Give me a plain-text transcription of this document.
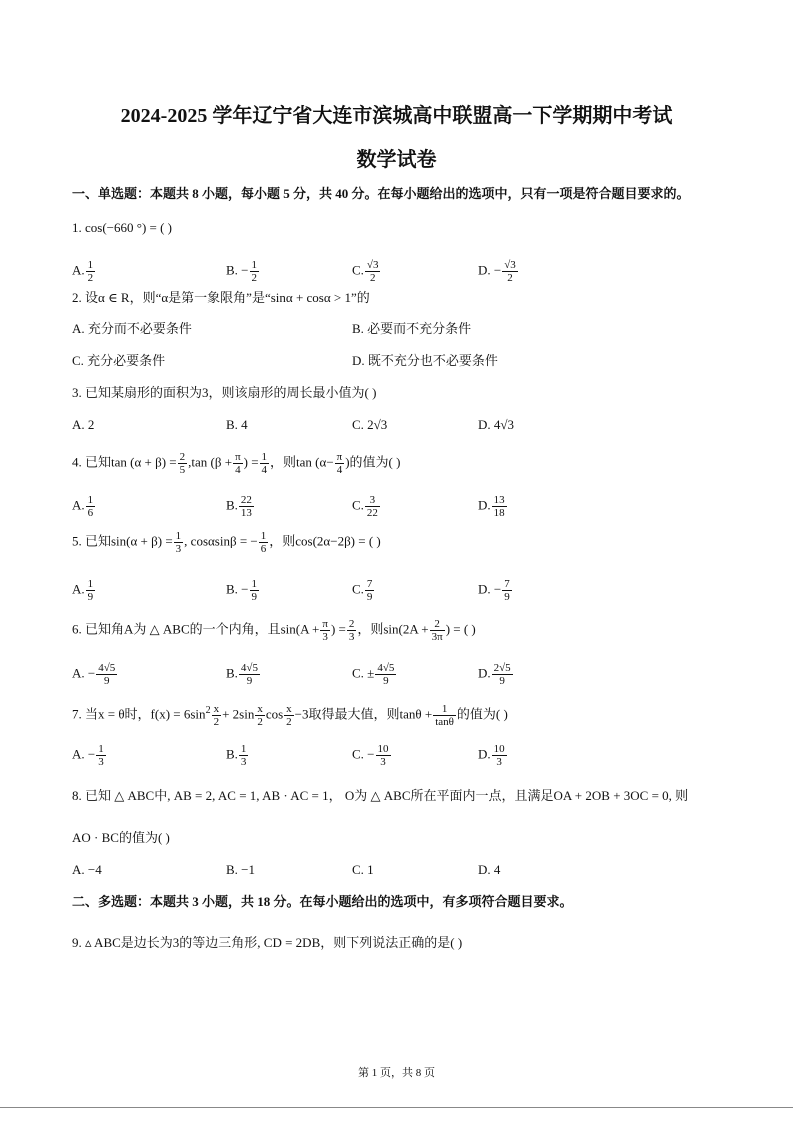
2024-2025 学年辽宁省大连市滨城高中联盟高一下学期期中考试
数学试卷
一、单选题：本题共 8 小题，每小题 5 分，共 40 分。在每小题给出的选项中，只有一项是符合题目要求的。
1. cos(−660 °) = ( )
A. $\frac{1}{2}$	B. − $\frac{1}{2}$	C. $\frac{√3}{2}$	D. − $\frac{√3}{2}$
2. 设α ∈ R，则“α是第一象限角”是“sinα + cosα > 1”的
A. 充分而不必要条件	B. 必要而不充分条件
C. 充分必要条件	D. 既不充分也不必要条件
3. 已知某扇形的面积为3，则该扇形的周长最小值为( )
A. 2	B. 4	C. 2√3	D. 4√3
4. 已知$\tan (\alpha + \beta) = \frac{2}{5} ,\tan$ ($\beta + \frac{\pi}{4}$ ) = $\frac{1}{4}$ ，则$\tan (\alpha- \frac{\pi}{4}$ )的值为( )
A. $\frac{1}{6}$	B. $\frac{22}{13}$	C. $\frac{3}{22}$	D. $\frac{13}{18}$
5. 已知$\sin(\alpha + \beta) = \frac{1}{3}$ , cosαsinβ = − $\frac{1}{6}$ ，则cos(2α−2β) = ( )
A. $\frac{1}{9}$	B. − $\frac{1}{9}$	C. $\frac{7}{9}$	D. − $\frac{7}{9}$
6. 已知角A为 △ ABC的一个内角，且$\sin(A + \frac{\pi}{3}$ ) = $\frac{2}{3}$ ，则$\sin(2A + \frac{2}{3\pi}$ ) = ( )
A. − $\frac{4√5}{9}$	B. $\frac{4√5}{9}$	C. ± $\frac{4√5}{9}$	D. $\frac{2√5}{9}$
7. 当x = θ时，$f(x) = 6\sin^2 \frac{x}{2} + 2\sin \frac{x}{2}$ $\cos \frac{x}{2} -3$取得最大值，则$\tan\theta + \frac{1}{\tan\theta}$ 的值为( )
A. − $\frac{1}{3}$	B. $\frac{1}{3}$	C. − $\frac{10}{3}$	D. $\frac{10}{3}$
8. 已知 △ ABC中, AB = 2, AC = 1, AB · AC = 1， O为 △ ABC所在平面内一点，且满足OA + 2OB + 3OC = 0, 则
AO · BC的值为( )
A. −4	B. −1	C. 1	D. 4
二、多选题：本题共 3 小题，共 18 分。在每小题给出的选项中，有多项符合题目要求。
9. ▵ ABC是边长为3的等边三角形, CD = 2DB，则下列说法正确的是( )
第 1 页，共 8 页
